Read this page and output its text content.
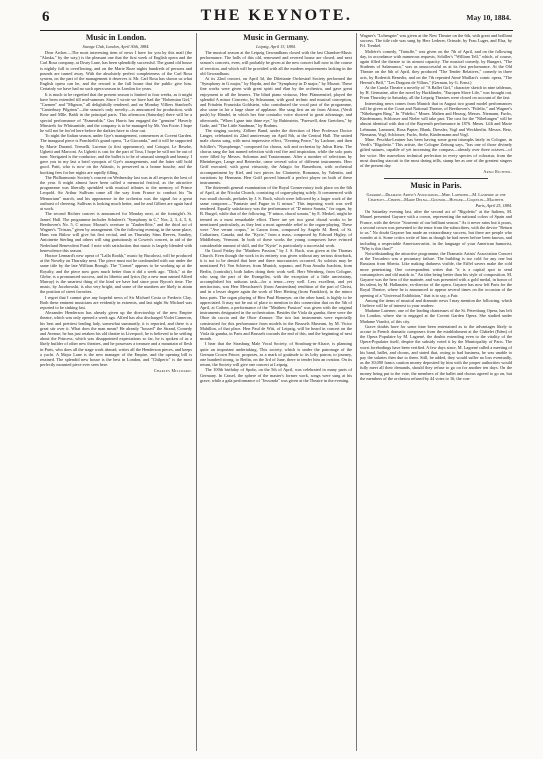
6	THE KEYNOTE.	May 10, 1884.
Music in London.
Savage Club, London, April 30th, 1884.

Dear Archer.—The most interesting item of news I have for you by this mail (the "Alaska," by the way,) is the pleasant one that the first week of English opera and the Carl Rosa company, at Drury Lane, has been splendidly successful. The grand old house is nightly full to overflowing, and on the Marie Roze nights hundreds of persons and pounds are turned away. With the absolutely perfect completeness of the Carl Rosa system, on the part of the management it deserves it. Mr. Carl Rosa has shown us what English opera can be, and the reward is the full house that the public give him. Certainly we have had no such opera season in London for years.

It is much to be regretted that the present season is limited to four weeks, as it might have been extended till mid-summer. Since I wrote we have had the "Bohemian Girl," "Carmen" and "Mignon," all delightfully rendered, and on Monday Villiers Stanford's "Canterbury Pilgrims"—the season's only novelty—is announced for production, with Rose and Mlle. Baldi in the principal parts. This afternoon (Saturday) there will be a special performance of "Esmeralda." Gus Harris has engaged the "genuine" Haverly Minstrels for Whitsuntide, and the company is to be managed by Mr. Van Foote. I hope he will not be foo'ed here before the darkies have to clear out.

To night the Italian season, under Gye's management, commences at Covent Garden. The inaugural piece is Ponchielli's grand opera, "La Gioconda," and it will be supported by Marie Durand, Tremelli, Lucenar (a first appearance), and Cotogni, Le Reszke, Ughetti and Marconi. As Ughetti is cast for the part of Tosa, I hope he will not be out of tune. Navigated is the conductor, and the ballet is to be of unusual strength and beauty. I gave you in my last a brief synopsis of Gye's arrangements, and the latter still hold good. Patti, who is now on the Atlantic, is preserved as a bonne bouche, and the booking fees for her nights are rapidly filling.

The Philharmonic Society's concert on Wednesday last was in all respects the best of the year. It might almost have been called a memorial festival, as the attractive programme was liberally sprinkled with musical tributes to the memory of Prince Leopold. Sir Arthur Sullivan came all the way from France to conduct his "In Memoriam" march, and his appearance in the orchestra was the signal for a great outburst of cheering. Sullivan is looking much better, and he and Gilbert are again hard at work.

The second Richter concert is announced for Monday next, at the fortnight's St. James' Hall. The programme includes Schubert's "Symphony in C," Nos. 2, 3, 4, 5, 6, Beethoven's No. 5, C minor; Mozart's overture to "Zauberflöte," and the third act of Wagner's "Tristan," given by arrangement. On the following evening, in the same place, Hans von Bülow will give his first recital, and on Thursday Sims Reeves, Santley, Antoinette Sterling and others will sing gratuitously at Cowen's concert, in aid of the Nederland Benevolent Fund. I note with satisfaction that music is largely blended with benevolence this season.

Horace Lennard's new opera of "Lalla Rookh," music by Bucalossi, will be produced at the Novelty on Thursday next. The piece must not be confounded with our under the same title by the late William Brough. The "Comet" appears to be working up at the Royalty, and the piece now goes much better than it did a week ago. "Dick," at the Globe, is a pronounced success, and its libretto and lyrics (by a new man named Alfred Murray) is the smartest thing of the kind we have had since poor Byron's time. The music, by Jacobowski, is also very bright, and some of the numbers are likely to attain the position of street favorites.

I regret that I cannot give any hopeful news of Sir Michael Costa or Frederic Clay. Both these eminent musicians are evidently in extremis, and last night Sir Michael was reported to be sinking fast.

Alexander Henderson has already given up the directorship of the new Empire theatre, which was only opened a week ago. Alfred has also discharged Violet Cameron, his best and prettiest leading lady, somewhat summarily, it is reported, and there is a great stir over it. What does the man mean? He already "bossed" the Strand, Comedy and Avenue; he has just retaken his old theatre in Liverpool, he is believed to be settling about the Princess, which was disappointed expectations so far, he is spoken of as a likely builder of other new theatres, and he possesses a treasure and a mountain of flesh in Paris, who does all the stage work abroad, writes all the Henderson pieces, and keeps a yacht. A Major Lane is the new manager of the Empire, and the opening bill is retained. The splendid new house is the best in London, and "Chilperic" is the most perfectly mounted piece ever seen here.

Charles Millward.
Music in Germany.
Leipzig, April 13, 1884.

The musical season at the Leipzig Gewandhaus closed with the last Chamber-Music performance. The halls of this old, renowned and revered house are closed, and next season's concerts, even, will probably be given at the new concert hall now in the course of erection, and which will be provided with all the modern requirements lacking in the old Gewandhaus.

At its 22nd concert, on April 3d, the Dilettante Orchestral Society performed the "Symphony in G major," by Haydn, and the "Symphony in D major," by Mozart. These fine works were given with great spirit and élan by the orchestra, and gave great enjoyment to all the hearers. The blind piano virtuoso, Herr Pfannenstiel, played the splendid A minor Concerto, by Schumann, with good technic and musical conception, and Fräulein Franziska Goldstein, who contributed the vocal part of the programme, also came in for a large share of applause. She sang first an air from Alcina, (Verdi push) by Händel, in which her fine contralto voice showed to great advantage, and afterwards, "When I gaze into thine eye," by Rubinstein, "Farewell, dear Gretchen," by Gade, and "The Little Sandman," by Brahms.

The singing society, Zöllner Bund, under the direction of Herr Professor Doctor Langer, celebrated its 22nd anniversary on April 8th, at the Central Hall. The united male chorus sang, with most impressive effect, "Evening Peace," by Lachner, and then Schiller's "Nymphenge," composed for chorus, soli and orchestra by Julius Rietz. The chorus sang the last named selection with real fire and inspiration, while the solo parts were filled by Messrs. Solomon and Trautermann. After a number of selections by Rheinberger, Lange and Reinecke, came several solos of different instruments. Herr Griff executed, with great virtuosity, the Adagio for Bassethorn, with orchestral accompaniment by Kiel, and two pieces for Clarinette, Romanza, by Valentin, and variations by Hermann. Herr Griff proved himself a perfect player on both of these instruments.

The thirteenth general examination of the Royal Conservatory took place on the 6th of April, at the Nicolai Church, consisting of organ-playing solely. It commenced with two small chorals, preludes by J. S. Bach, which were followed by a larger work of the same composer—"Fantasie and Fugue in G minor." This imposing work was well rendered. Equally satisfactory was the performance of "D minor Sonata," for organ, by B. Burgel, while that of the following, "F minor, choral sonata," by E. Merkel, might be termed as a most remarkable effort. There are yet two great choral works to be mentioned particularly, as they lent a most agreeable relief to the organ-playing. These were "Ave verum corpus," in Canon form, composed by Angelo M. Reed, of St. Catharines, Canada, and the "Kyrie," from a mass, composed by Edward Higley, of Middlebury, Vermont. In both of these works the young composers have evinced considerable amount of skill, and the "Kyrie" is particularly a successful work.

On Good Friday the "Matthew Passion," by J. S. Bach, was given at the Thomas Church. Even though the work in its entirety was given without any serious drawback, it is not to be denied that here and there inaccuracies occurred. As soloists may be mentioned Frl. Von Schierer, from Munich, soprano, and Frau Amalia Joachim, from Berlin, (contralto), both ladies doing their work well. Herr Wernberg, from Cologne, who sang the part of the Evangelist, with the exception of a little uncertainty, accomplished his arduous task—for a tenor—very well. Less excellent, and yet meritorious, was Herr Messchaert's (from Amsterdam) rendition of the part of Christ, and in a lesser degree again the work of Herr Herting (from Frankfort), in the minor bass parts. The organ playing of Herr Paul Homeyer, on the other hand, is highly to be appreciated. It may not be out of place to mention in this connection that on the 5th of April, at Cothen, a performance of the "Matthew Passion" was given with the original instruments designated in the orchestration. Besides the Viola da gamba, there were the Oboe da caccia and the Oboe d'amore. The two last instruments were especially constructed for this performance from models in the Brussels Museum, by M. Victor Mahillon, of that place. Herr Paul de Witt, of Leipzig, will be heard in concert on the Viola da gamba, in Paris and Brussels towards the end of this, and the beginning of next month.

I hear that the Strasburg Male Vocal Society, of Strasburg-in-Alsace, is planning quite an important undertaking. This society, which is under the patronage of the German Crown Prince, proposes, as a mark of gratitude to its lofty patron, to journey, one hundred strong, to Berlin, on the 3rd of June, there to tender him an ovation. On its return, the Society will give one concert at Leipzig.

The 100th birthday of Spohr, on the 5th of April, was celebrated in many parts of Germany. In Cassel, the sphere of the master's former work, songs were sung at his grave, while a gala performance of "Jessonda" was given at the Theatre in the evening.

Wagner's "Lohengrin" was given at the New Theatre on the 6th, with great and brilliant success. The title role was sung by Herr Lederer, Ortrude, by Frau Luger, and Elsa, by Frl. Trenkel.

Molière's comedy, "Tartuffe," was given on the 7th of April, and on the following day, in accordance with numerous requests, Schiller's "William Tell," which, of course, again filled the theatre to its utmost capacity. The musical comedy, by Bungert, "The Students of Salamanca," was as unsuccessful as at its first performance. At the Old Theatre on the 6th of April, they produced "The Tender Relatives," comedy in three acts, by Roderick Benedix, and on the 7th repeated Aimé Maillart's comic opera, "The Hermit's Bell," "Les Dragons de Villars," (German, by G. Ernst.)

At the Carola Theatre a novelty of "A Ballet Girl," character sketch in nine tableaux, by H. Germaine, after the novel by Hackländer, "Europen Slave Life," was brought out. From Thursday to Saturday, all the Leipzig Theatres were closed on account of the fast.

Interesting news comes from Munich that in August two grand model performances will be given at the Court and National Theatre, of Beethoven's "Fidelio," and Wagner's "Nibelungen Ring." In "Fidelio," Mmes. Malten and Herzog, Messrs. Niemann, Fuchs, Kindermann, Schlosser and Nieler will take part. The cast for the "Nibelungen" will be almost identical with that of the Bayreuth performance in 1876. Mmes. Lilli and Marie Lehmann, Lammert, Rosa Papier, Blank, Dressler, Vogl and Weckherlin. Messrs. Betz, Niemann, Vogl, Schlosser, Fuchs, Siehr, Kindermann and Vogl.

Mme. Peschka-Leutner has been having some great triumphs lately in Cologne, in Verdi's "Rigoletto." This artiste, the Cologne Zeitung says, "has one of those divinely gifted natures, capable of yet increasing the compass—already over three octaves—of her voice. Her marvelous technical perfection in every species of coloratur, from the most dazzling staccati to the most daring trills, stamp her as one of the greatest singers of the present day.

Arno Richter.
Music in Paris.
Gayarré—Dramatic Artist's Association—Mme. Laterner—M. Lasserre at the Chatelet—Chopin—Marie Delna—Gounod—Hunger—Coquelin—Macbeth.
Paris, April 25, 1884.

On Saturday evening last, after the second act of "Rigoletto" at the Italiens, M. Maurel presented Gayarre with a crown, representing the national colors of Spain and France, with the device "Souvenir of our brilliant season." As it never rains but it pours, a second crown was presented to the tenor from the subscribers, with the device "Return to us." No doubt Gayarre has made an extraordinary success, but there are people who wonder at it. Some critics write of him as though he had never before been known, and including a respectable American-artist. in the language of your American humorist, "Why is this thus?"

Notwithstanding the attractive programme, the Dramatic Artists' Association Concert at the Trocadero was a pecuniary failure. The building is too cold for any one but Russians from Siberia. Like making darkness visible, the Eiffel savers make the cold more penetrating. One correspondent writes that "it is a capital spot to send consumptives and old maids to." An idea being better than his style of composition. M. Gayarre was the hero of the matinée, and was presented with a gold medal, in honor of his talent, by M. Hallanzier, ex-director of the opera. Gayarre has now left Paris for the Royal Theatre, where he is announced to appear several times on the occasion of the opening of a "Universal Exhibition," that is to say, a Fair.

Among the items of musical and dramatic news I may mention the following, which I believe will be of interest to your readers:

Madame Laterner, one of the leading chanteuses of the St. Petersburg Opera, has left for London, where she is engaged at the Covent Garden Opera. She studied under Madame Viardot, of this city.

Grave doubts have for some time been entertained as to the advantages likely to accrue to French dramatic composers from the establishment at the Châtelet (Eden) of the Opera Populaire by M. Lagrené, the doubts extending even to the vitality of the Opera-Populaire itself, despite the subsidy voted it by the Municipality of Paris. The worst forebodings have been verified. A few days since, M. Lagrené called a meeting of his band, ballet, and chorus, and stated that, owing to bad business, he was unable to pay the salaries then due to them. Still, he added, they would suffer no loss eventually, as the 30,000 francs caution money deposited by him with the proper authorities would fully meet all their demands, should they refuse to go on for another ten days. On the money being put to the vote, the members of the ballet and chorus agreed to go on, but the members of the orchestra refused by 44 votes to 16, the con-
